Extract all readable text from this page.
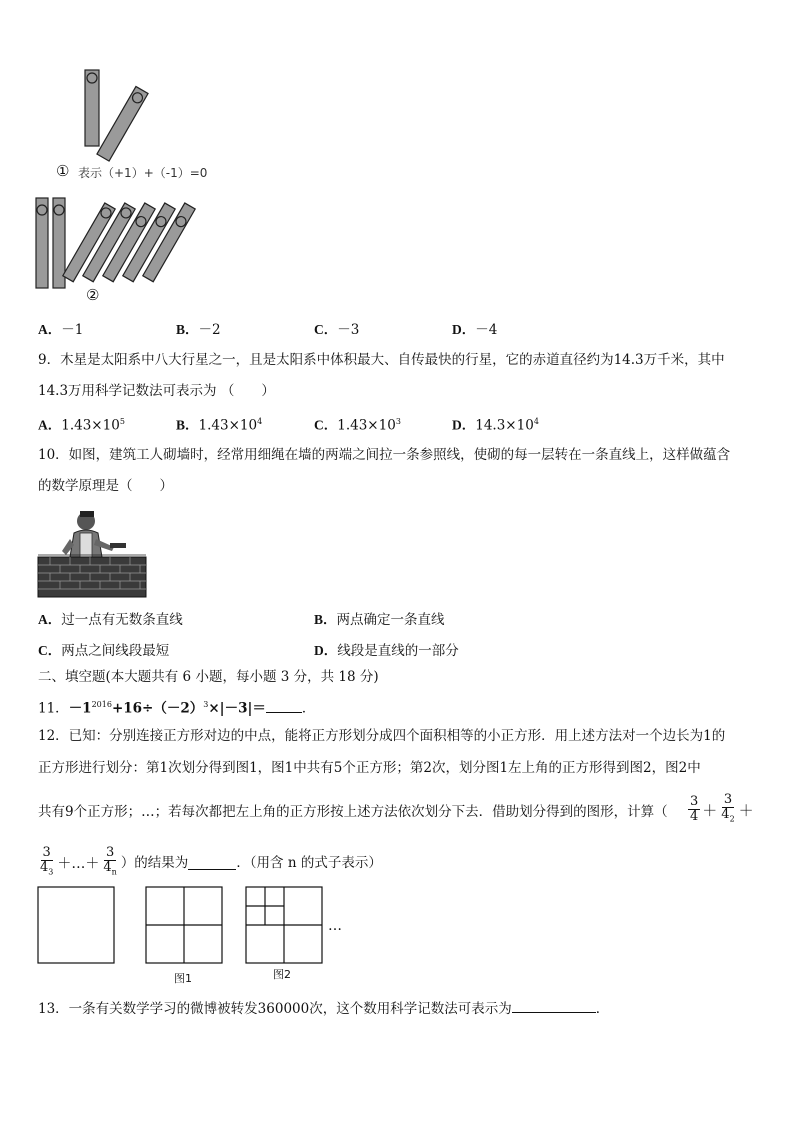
① 表示（+1）+（-1）=0
②
A．－1	B．－2	C．－3	D．－4
9．木星是太阳系中八大行星之一，且是太阳系中体积最大、自传最快的行星，它的赤道直径约为14.3万千米，其中
14.3万用科学记数法可表示为 （　　）
A．$1.43\times 10^5$	B．$1.43\times 10^4$	C．$1.43\times 10^3$	D．$14.3\times 10^4$
10．如图，建筑工人砌墙时，经常用细绳在墙的两端之间拉一条参照线，使砌的每一层转在一条直线上，这样做蕴含
的数学原理是（　　）
A．过一点有无数条直线	B．两点确定一条直线
C．两点之间线段最短	D．线段是直线的一部分
二、填空题(本大题共有 6 小题，每小题 3 分，共 18 分)
11．$-1^{2016}+16\div(-2)^3\times|-3|=$	．
12．已知：分别连接正方形对边的中点，能将正方形划分成四个面积相等的小正方形．用上述方法对一个边长为1的
正方形进行划分：第1次划分得到图1，图1中共有5个正方形；第2次，划分图1左上角的正方形得到图2，图2中
共有9个正方形；…；若每次都把左上角的正方形按上述方法依次划分下去．借助划分得到的图形，计算（ $\frac{3}{4} + \frac{3}{4_2}$ ＋
$\frac{3}{4_3}$ ＋…＋ $\frac{3}{4_n}$ ）的结果为	．（用含 n 的式子表示）
…
图1	图2
13．一条有关数学学习的微博被转发360000次，这个数用科学记数法可表示为	．
